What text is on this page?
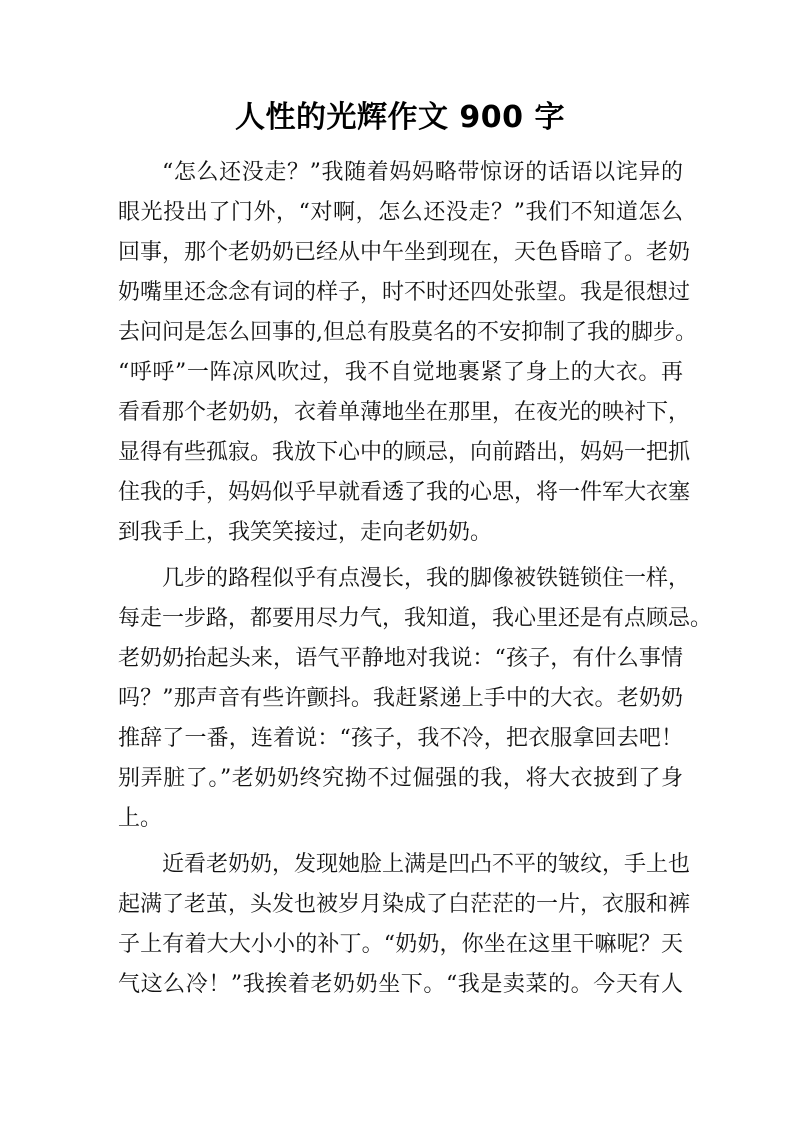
人性的光辉作文 900 字
“怎么还没走？”我随着妈妈略带惊讶的话语以诧异的
眼光投出了门外，“对啊，怎么还没走？”我们不知道怎么
回事，那个老奶奶已经从中午坐到现在，天色昏暗了。老奶
奶嘴里还念念有词的样子，时不时还四处张望。我是很想过
去问问是怎么回事的,但总有股莫名的不安抑制了我的脚步。
“呼呼”一阵凉风吹过，我不自觉地裹紧了身上的大衣。再
看看那个老奶奶，衣着单薄地坐在那里，在夜光的映衬下，
显得有些孤寂。我放下心中的顾忌，向前踏出，妈妈一把抓
住我的手，妈妈似乎早就看透了我的心思，将一件军大衣塞
到我手上，我笑笑接过，走向老奶奶。
几步的路程似乎有点漫长，我的脚像被铁链锁住一样，
每走一步路，都要用尽力气，我知道，我心里还是有点顾忌。
老奶奶抬起头来，语气平静地对我说：“孩子，有什么事情
吗？”那声音有些许颤抖。我赶紧递上手中的大衣。老奶奶
推辞了一番，连着说：“孩子，我不冷，把衣服拿回去吧！
别弄脏了。”老奶奶终究拗不过倔强的我，将大衣披到了身
上。
近看老奶奶，发现她脸上满是凹凸不平的皱纹，手上也
起满了老茧，头发也被岁月染成了白茫茫的一片，衣服和裤
子上有着大大小小的补丁。“奶奶，你坐在这里干嘛呢？天
气这么冷！”我挨着老奶奶坐下。“我是卖菜的。今天有人
